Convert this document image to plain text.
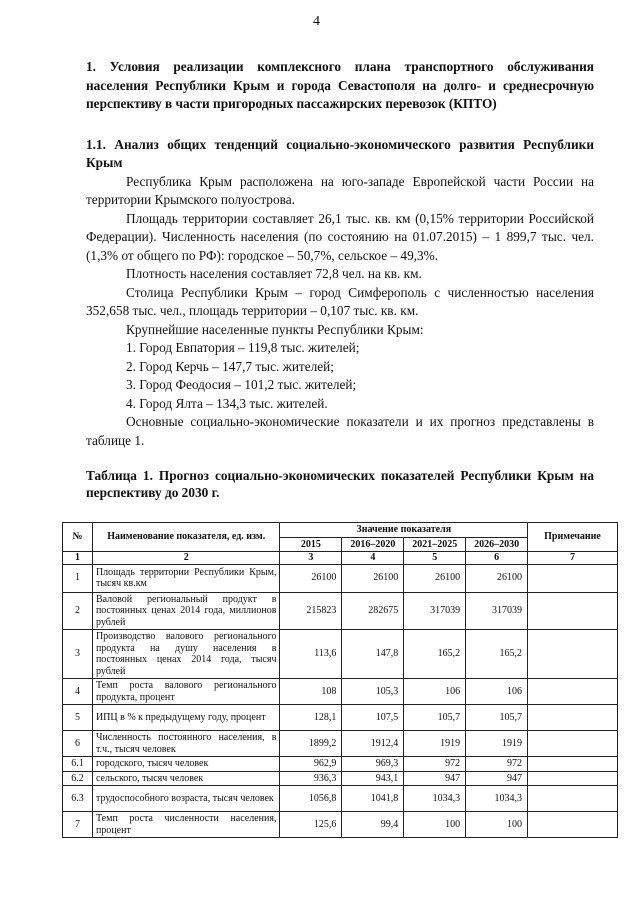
4

1. Условия реализации комплексного плана транспортного обслуживания населения Республики Крым и города Севастополя на долго- и среднесрочную перспективу в части пригородных пассажирских перевозок (КПТО)

1.1. Анализ общих тенденций социально-экономического развития Республики Крым

Республика Крым расположена на юго-западе Европейской части России на территории Крымского полуострова.

Площадь территории составляет 26,1 тыс. кв. км (0,15% территории Российской Федерации). Численность населения (по состоянию на 01.07.2015) – 1 899,7 тыс. чел. (1,3% от общего по РФ): городское – 50,7%, сельское – 49,3%.

Плотность населения составляет 72,8 чел. на кв. км.

Столица Республики Крым – город Симферополь с численностью населения 352,658 тыс. чел., площадь территории – 0,107 тыс. кв. км.

Крупнейшие населенные пункты Республики Крым:

1. Город Евпатория – 119,8 тыс. жителей;

2. Город Керчь – 147,7 тыс. жителей;

3. Город Феодосия – 101,2 тыс. жителей;

4. Город Ялта – 134,3 тыс. жителей.

Основные социально-экономические показатели и их прогноз представлены в таблице 1.

Таблица 1. Прогноз социально-экономических показателей Республики Крым на перспективу до 2030 г.

№	Наименование показателя, ед. изм.	Значение показателя				Примечание
		2015	2016–2020	2021–2025	2026–2030	
1	2	3	4	5	6	7
1	Площадь территории Республики Крым, тысяч кв.км	26100	26100	26100	26100	
2	Валовой региональный продукт в постоянных ценах 2014 года, миллионов рублей	215823	282675	317039	317039	
3	Производство валового регионального продукта на душу населения в постоянных ценах 2014 года, тысяч рублей	113,6	147,8	165,2	165,2	
4	Темп роста валового регионального продукта, процент	108	105,3	106	106	
5	ИПЦ в % к предыдущему году, процент	128,1	107,5	105,7	105,7	
6	Численность постоянного населения, в т.ч., тысяч человек	1899,2	1912,4	1919	1919	
6.1	городского, тысяч человек	962,9	969,3	972	972	
6.2	сельского, тысяч человек	936,3	943,1	947	947	
6.3	трудоспособного возраста, тысяч человек	1056,8	1041,8	1034,3	1034,3	
7	Темп роста численности населения, процент	125,6	99,4	100	100	
